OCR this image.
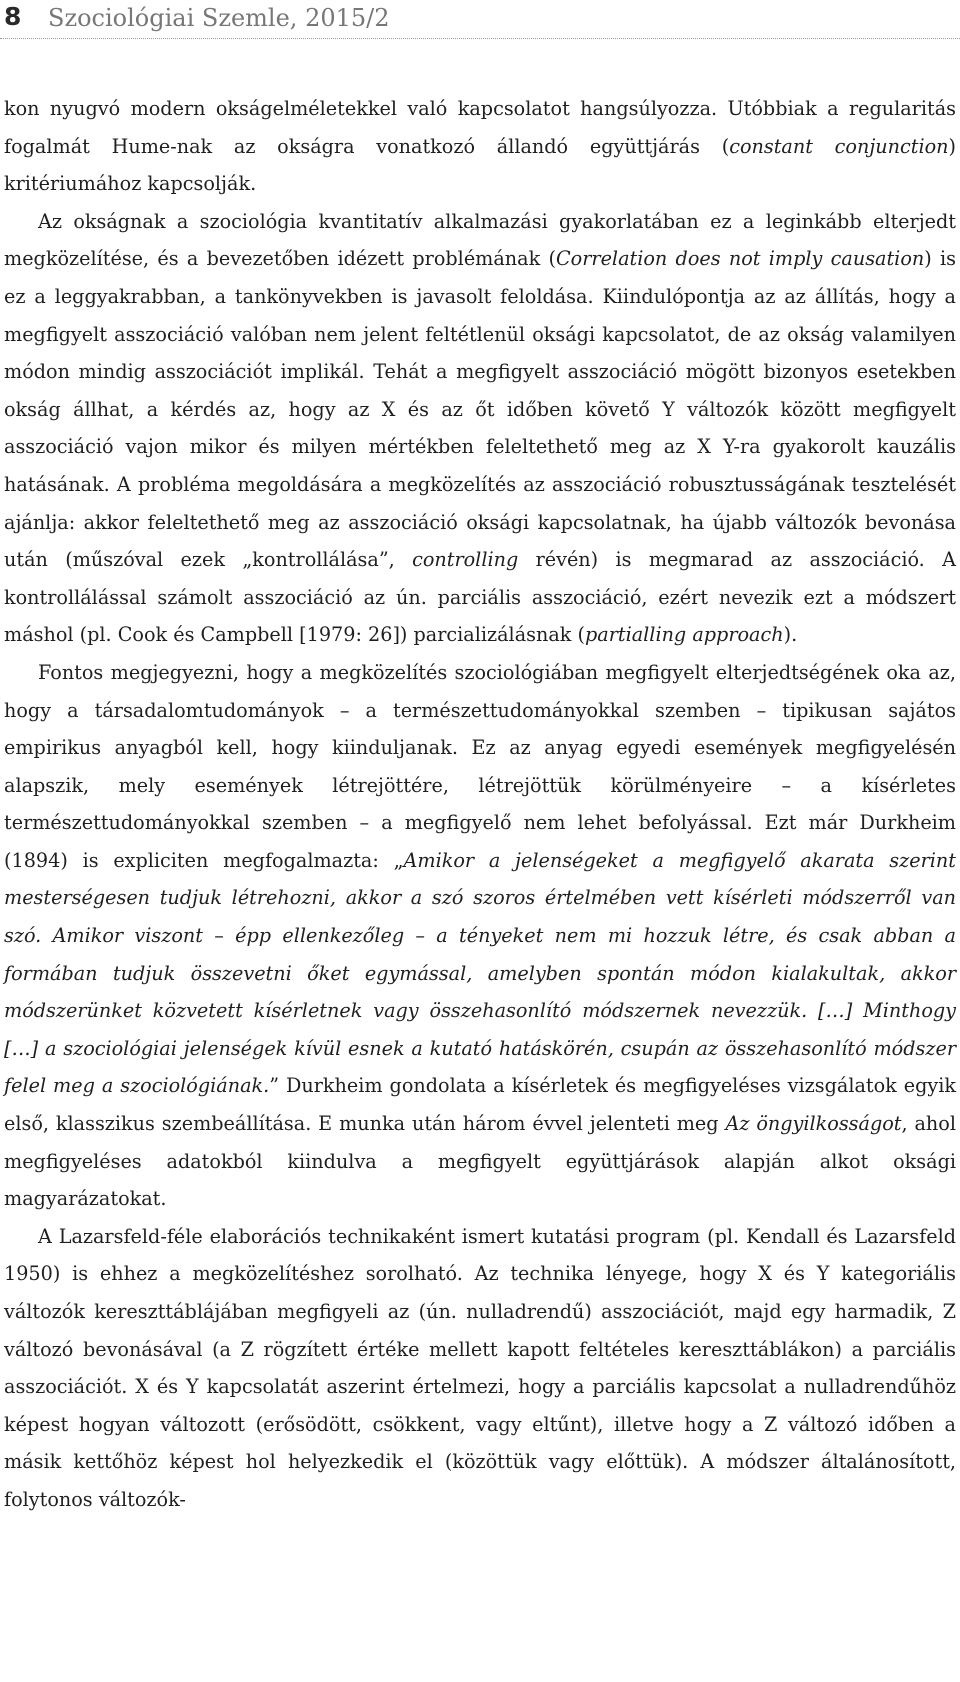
8 Szociológiai Szemle, 2015/2

kon nyugvó modern okságelméletekkel való kapcsolatot hangsúlyozza. Utóbbiak a regularitás fogalmát Hume-nak az okságra vonatkozó állandó együttjárás (constant conjunction) kritériumához kapcsolják.

Az okságnak a szociológia kvantitatív alkalmazási gyakorlatában ez a leginkább elterjedt megközelítése, és a bevezetőben idézett problémának (Correlation does not imply causation) is ez a leggyakrabban, a tankönyvekben is javasolt feloldása. Kiindulópontja az az állítás, hogy a megfigyelt asszociáció valóban nem jelent feltétlenül oksági kapcsolatot, de az okság valamilyen módon mindig asszociációt implikál. Tehát a megfigyelt asszociáció mögött bizonyos esetekben okság állhat, a kérdés az, hogy az X és az őt időben követő Y változók között megfigyelt asszociáció vajon mikor és milyen mértékben feleltethető meg az X Y-ra gyakorolt kauzális hatásának. A probléma megoldására a megközelítés az asszociáció robusztusságának tesztelését ajánlja: akkor feleltethető meg az asszociáció oksági kapcsolatnak, ha újabb változók bevonása után (műszóval ezek „kontrollálása”, controlling révén) is megmarad az asszociáció. A kontrollálással számolt asszociáció az ún. parciális asszociáció, ezért nevezik ezt a módszert máshol (pl. Cook és Campbell [1979: 26]) parcializálásnak (partialling approach).

Fontos megjegyezni, hogy a megközelítés szociológiában megfigyelt elterjedtségének oka az, hogy a társadalomtudományok – a természettudományokkal szemben – tipikusan sajátos empirikus anyagból kell, hogy kiinduljanak. Ez az anyag egyedi események megfigyelésén alapszik, mely események létrejöttére, létrejöttük körülményeire – a kísérletes természettudományokkal szemben – a megfigyelő nem lehet befolyással. Ezt már Durkheim (1894) is expliciten megfogalmazta: „Amikor a jelenségeket a megfigyelő akarata szerint mesterségesen tudjuk létrehozni, akkor a szó szoros értelmében vett kísérleti módszerről van szó. Amikor viszont – épp ellenkezőleg – a tényeket nem mi hozzuk létre, és csak abban a formában tudjuk összevetni őket egymással, amelyben spontán módon kialakultak, akkor módszerünket közvetett kísérletnek vagy összehasonlító módszernek nevezzük. […] Minthogy […] a szociológiai jelenségek kívül esnek a kutató hatáskörén, csupán az összehasonlító módszer felel meg a szociológiának.” Durkheim gondolata a kísérletek és megfigyeléses vizsgálatok egyik első, klasszikus szembeállítása. E munka után három évvel jelenteti meg Az öngyilkosságot, ahol megfigyeléses adatokból kiindulva a megfigyelt együttjárások alapján alkot oksági magyarázatokat.

A Lazarsfeld-féle elaborációs technikaként ismert kutatási program (pl. Kendall és Lazarsfeld 1950) is ehhez a megközelítéshez sorolható. Az technika lényege, hogy X és Y kategoriális változók kereszttáblájában megfigyeli az (ún. nulladrendű) asszociációt, majd egy harmadik, Z változó bevonásával (a Z rögzített értéke mellett kapott feltételes kereszttáblákon) a parciális asszociációt. X és Y kapcsolatát aszerint értelmezi, hogy a parciális kapcsolat a nulladrendűhöz képest hogyan változott (erősödött, csökkent, vagy eltűnt), illetve hogy a Z változó időben a másik kettőhöz képest hol helyezkedik el (közöttük vagy előttük). A módszer általánosított, folytonos változók-
